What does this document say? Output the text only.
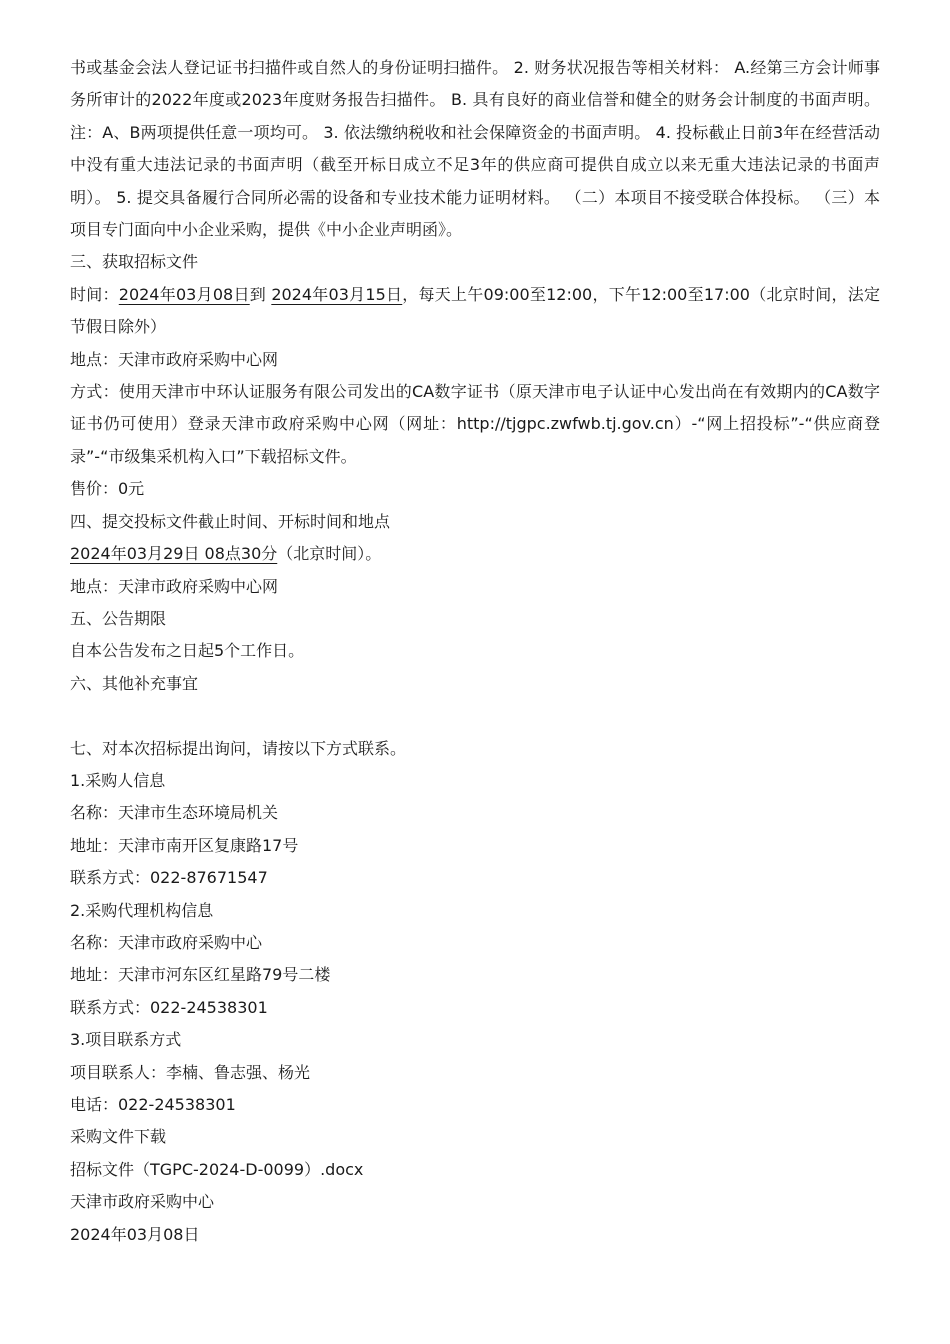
书或基金会法人登记证书扫描件或自然人的身份证明扫描件。 2. 财务状况报告等相关材料： A.经第三方会计师事务所审计的2022年度或2023年度财务报告扫描件。 B. 具有良好的商业信誉和健全的财务会计制度的书面声明。 注：A、B两项提供任意一项均可。 3. 依法缴纳税收和社会保障资金的书面声明。 4. 投标截止日前3年在经营活动中没有重大违法记录的书面声明（截至开标日成立不足3年的供应商可提供自成立以来无重大违法记录的书面声明）。 5. 提交具备履行合同所必需的设备和专业技术能力证明材料。 （二）本项目不接受联合体投标。 （三）本项目专门面向中小企业采购，提供《中小企业声明函》。

三、获取招标文件

时间：2024年03月08日到 2024年03月15日，每天上午09:00至12:00，下午12:00至17:00（北京时间，法定节假日除外）

地点：天津市政府采购中心网

方式：使用天津市中环认证服务有限公司发出的CA数字证书（原天津市电子认证中心发出尚在有效期内的CA数字证书仍可使用）登录天津市政府采购中心网（网址：http://tjgpc.zwfwb.tj.gov.cn）-“网上招投标”-“供应商登录”-“市级集采机构入口”下载招标文件。

售价：0元

四、提交投标文件截止时间、开标时间和地点

2024年03月29日 08点30分（北京时间）。

地点：天津市政府采购中心网

五、公告期限

自本公告发布之日起5个工作日。

六、其他补充事宜

七、对本次招标提出询问，请按以下方式联系。

1.采购人信息

名称：天津市生态环境局机关

地址：天津市南开区复康路17号

联系方式：022-87671547

2.采购代理机构信息

名称：天津市政府采购中心

地址：天津市河东区红星路79号二楼

联系方式：022-24538301

3.项目联系方式

项目联系人：李楠、鲁志强、杨光

电话：022-24538301

采购文件下载

招标文件（TGPC-2024-D-0099）.docx

天津市政府采购中心

2024年03月08日
